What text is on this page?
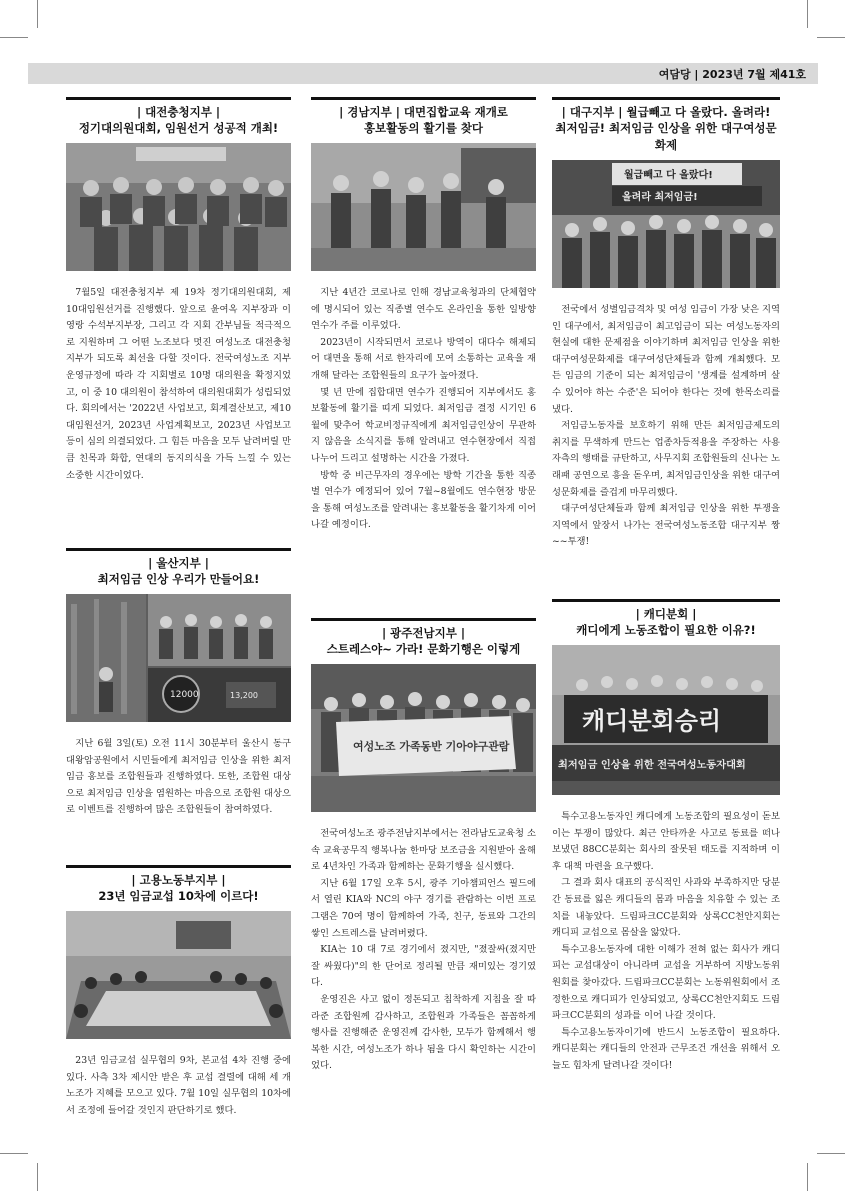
여담당 | 2023년 7월 제41호
| 대전충청지부 |
정기대의원대회, 임원선거 성공적 개최!

7월5일 대전충청지부 제 19차 정기대의원대회, 제 10대임원선거를 진행했다. 앞으로 윤여옥 지부장과 이영랑 수석부지부장, 그리고 각 지회 간부님들 적극적으로 지원하며 그 어떤 노조보다 멋진 여성노조 대전충청지부가 되도록 최선을 다할 것이다. 전국여성노조 지부운영규정에 따라 각 지회별로 10명 대의원을 확정지었고, 이 중 10 대의원이 참석하여 대의원대회가 성립되었다. 회의에서는 '2022년 사업보고, 회계결산보고, 제10대임원선거, 2023년 사업계획보고, 2023년 사업보고 등이 심의 의결되었다. 그 힘든 마음을 모두 날려버릴 만큼 친목과 화합, 연대의 동지의식을 가득 느낄 수 있는 소중한 시간이었다.

| 울산지부 |
최저임금 인상 우리가 만들어요!
12000	13,200

지난 6월 3일(토) 오전 11시 30분부터 울산시 동구 대왕암공원에서 시민들에게 최저임금 인상을 위한 최저임금 홍보를 조합원들과 진행하였다. 또한, 조합원 대상으로 최저임금 인상을 염원하는 마음으로 조합원 대상으로 이벤트를 진행하여 많은 조합원들이 참여하였다.

| 고용노동부지부 |
23년 임금교섭 10차에 이르다!

23년 임금교섭 실무협의 9차, 본교섭 4차 진행 중에 있다. 사측 3차 제시안 받은 후 교섭 결렬에 대해 세 개 노조가 지혜를 모으고 있다. 7월 10일 실무협의 10차에서 조정에 들어갈 것인지 판단하기로 했다.

| 경남지부 | 대면집합교육 재개로
홍보활동의 활기를 찾다

지난 4년간 코로나로 인해 경남교육청과의 단체협약에 명시되어 있는 직종별 연수도 온라인을 통한 일방향 연수가 주를 이루었다.

2023년이 시작되면서 코로나 방역이 대다수 해제되어 대면을 통해 서로 한자리에 모여 소통하는 교육을 재개해 달라는 조합원들의 요구가 높아졌다.

몇 년 만에 집합대면 연수가 진행되어 지부에서도 홍보활동에 활기를 띠게 되었다. 최저임금 결정 시기인 6월에 맞추어 학교비정규직에게 최저임금인상이 무관하지 않음을 소식지를 통해 알려내고 연수현장에서 직접 나누어 드리고 설명하는 시간을 가졌다.

방학 중 비근무자의 경우에는 방학 기간을 통한 직종별 연수가 예정되어 있어 7월~8월에도 연수현장 방문을 통해 여성노조를 알려내는 홍보활동을 활기차게 이어나갈 예정이다.

| 광주전남지부 |
스트레스야~ 가라! 문화기행은 이렇게
여성노조 가족동반 기아야구관람

전국여성노조 광주전남지부에서는 전라남도교육청 소속 교육공무직 행복나눔 한마당 보조금을 지원받아 올해로 4년차인 가족과 함께하는 문화기행을 실시했다.

지난 6월 17일 오후 5시, 광주 기아챔피언스 필드에서 열린 KIA와 NC의 야구 경기를 관람하는 이번 프로그램은 70여 명이 함께하여 가족, 친구, 동료와 그간의 쌓인 스트레스를 날려버렸다.

KIA는 10 대 7로 경기에서 졌지만, "졌잘싸(졌지만 잘 싸웠다)"의 한 단어로 정리될 만큼 재미있는 경기였다.

운영진은 사고 없이 정돈되고 침착하게 지침을 잘 따라준 조합원께 감사하고, 조합원과 가족들은 꼼꼼하게 행사를 진행해준 운영진께 감사한, 모두가 함께해서 행복한 시간, 여성노조가 하나 됨을 다시 확인하는 시간이었다.

| 대구지부 | 월급빼고 다 올랐다. 올려라!
최저임금! 최저임금 인상을 위한 대구여성문화제
월급빼고 다 올랐다!
올려라 최저임금!

전국에서 성별임금격차 및 여성 임금이 가장 낮은 지역인 대구에서, 최저임금이 최고임금이 되는 여성노동자의 현실에 대한 문제점을 이야기하며 최저임금 인상을 위한 대구여성문화제를 대구여성단체들과 함께 개최했다. 모든 임금의 기준이 되는 최저임금이 '생계를 설계하며 살 수 있어야 하는 수준'은 되어야 한다는 것에 한목소리를 냈다.

저임금노동자를 보호하기 위해 만든 최저임금제도의 취지를 무색하게 만드는 업종차등적용을 주장하는 사용자측의 행태를 규탄하고, 사무지회 조합원들의 신나는 노래패 공연으로 흥을 돋우며, 최저임금인상을 위한 대구여성문화제를 즐겁게 마무리했다.

대구여성단체들과 함께 최저임금 인상을 위한 투쟁을 지역에서 앞장서 나가는 전국여성노동조합 대구지부 짱~~투쟁!

| 캐디분회 |
캐디에게 노동조합이 필요한 이유?!
캐디분회승리
최저임금 인상을 위한 전국여성노동자대회

특수고용노동자인 캐디에게 노동조합의 필요성이 돋보이는 투쟁이 많았다. 최근 안타까운 사고로 동료를 떠나보냈던 88CC분회는 회사의 잘못된 태도를 지적하며 이후 대책 마련을 요구했다.

그 결과 회사 대표의 공식적인 사과와 부족하지만 당분간 동료를 잃은 캐디들의 몸과 마음을 치유할 수 있는 조치를 내놓았다. 드림파크CC분회와 상록CC천안지회는 캐디피 교섭으로 몸살을 앓았다.

특수고용노동자에 대한 이해가 전혀 없는 회사가 캐디피는 교섭대상이 아니라며 교섭을 거부하여 지방노동위원회를 찾아갔다. 드림파크CC분회는 노동위원회에서 조정한으로 캐디피가 인상되었고, 상록CC천안지회도 드림파크CC분회의 성과를 이어 나갈 것이다.

특수고용노동자이기에 반드시 노동조합이 필요하다. 캐디분회는 캐디들의 안전과 근무조건 개선을 위해서 오늘도 힘차게 달려나갈 것이다!
